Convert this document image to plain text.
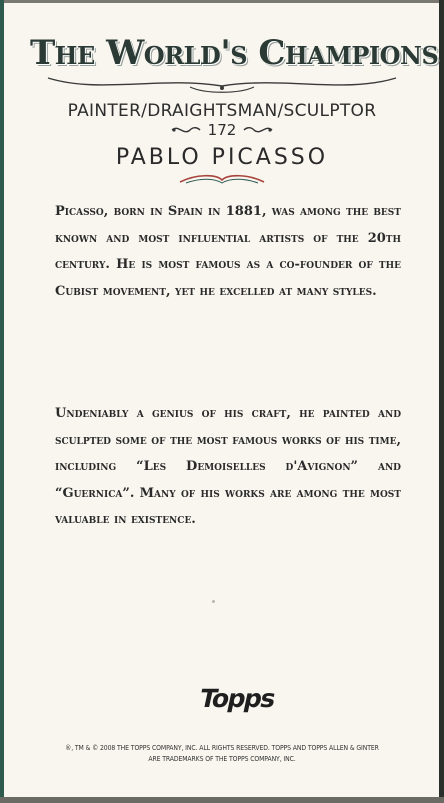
The World's Champions
PAINTER/DRAIGHTSMAN/SCULPTOR
172
PABLO PICASSO

Picasso, born in Spain in 1881, was among the best known and most influential artists of the 20th century. He is most famous as a co-founder of the Cubist movement, yet he excelled at many styles.

Undeniably a genius of his craft, he painted and sculpted some of the most famous works of his time, including “Les Demoiselles d'Avignon” and “Guernica”. Many of his works are among the most valuable in existence.

Topps
®, TM & © 2008 THE TOPPS COMPANY, INC. ALL RIGHTS RESERVED. TOPPS AND TOPPS ALLEN & GINTER
ARE TRADEMARKS OF THE TOPPS COMPANY, INC.
